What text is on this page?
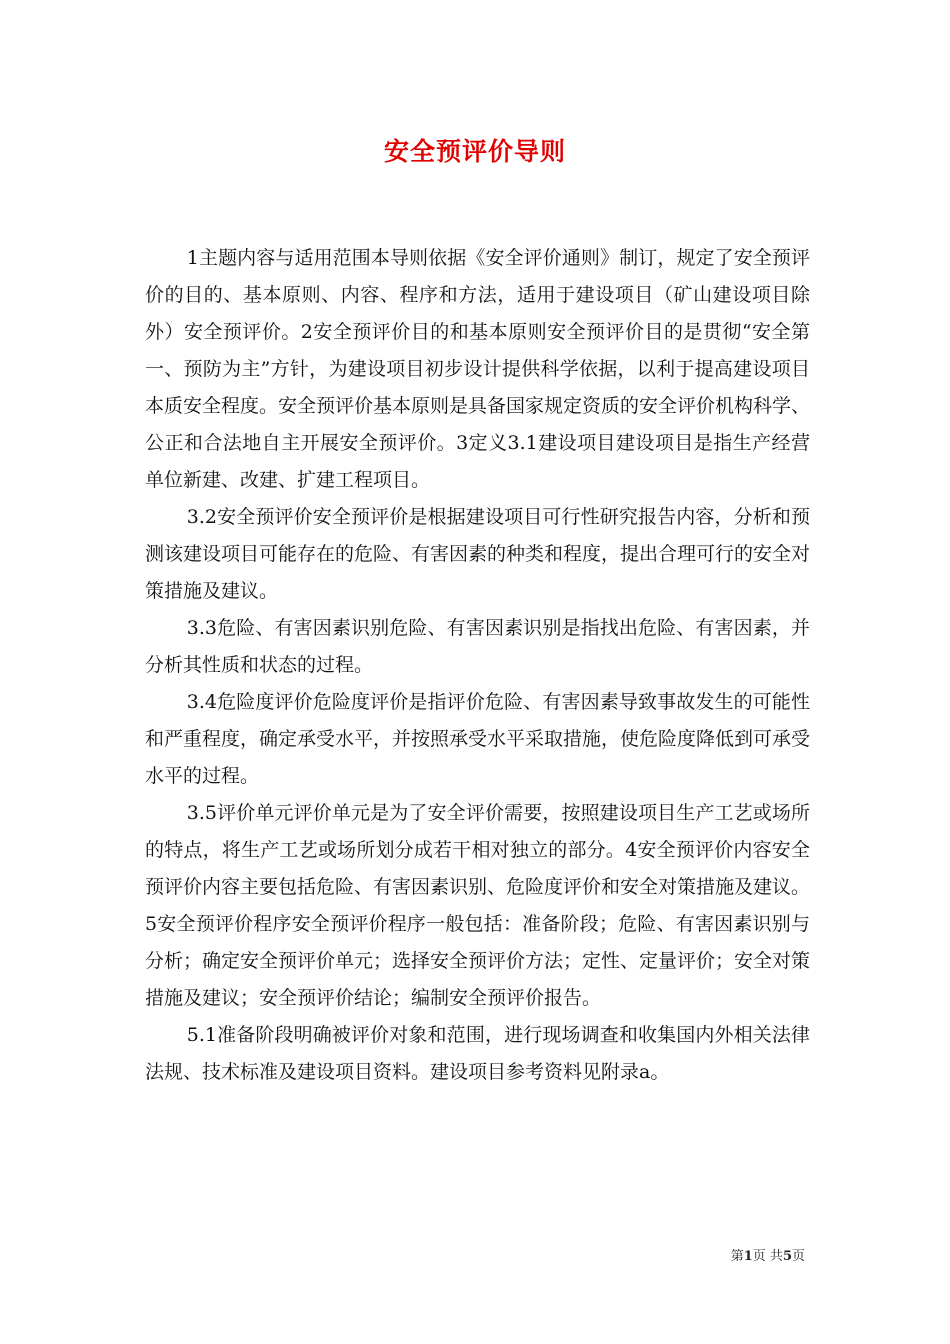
安全预评价导则

1主题内容与适用范围本导则依据《安全评价通则》制订，规定了安全预评价的目的、基本原则、内容、程序和方法，适用于建设项目（矿山建设项目除外）安全预评价。2安全预评价目的和基本原则安全预评价目的是贯彻“安全第一、预防为主”方针，为建设项目初步设计提供科学依据，以利于提高建设项目本质安全程度。安全预评价基本原则是具备国家规定资质的安全评价机构科学、公正和合法地自主开展安全预评价。3定义3.1建设项目建设项目是指生产经营单位新建、改建、扩建工程项目。

3.2安全预评价安全预评价是根据建设项目可行性研究报告内容，分析和预测该建设项目可能存在的危险、有害因素的种类和程度，提出合理可行的安全对策措施及建议。

3.3危险、有害因素识别危险、有害因素识别是指找出危险、有害因素，并分析其性质和状态的过程。

3.4危险度评价危险度评价是指评价危险、有害因素导致事故发生的可能性和严重程度，确定承受水平，并按照承受水平采取措施，使危险度降低到可承受水平的过程。

3.5评价单元评价单元是为了安全评价需要，按照建设项目生产工艺或场所的特点，将生产工艺或场所划分成若干相对独立的部分。4安全预评价内容安全预评价内容主要包括危险、有害因素识别、危险度评价和安全对策措施及建议。5安全预评价程序安全预评价程序一般包括：准备阶段；危险、有害因素识别与分析；确定安全预评价单元；选择安全预评价方法；定性、定量评价；安全对策措施及建议；安全预评价结论；编制安全预评价报告。

5.1准备阶段明确被评价对象和范围，进行现场调查和收集国内外相关法律法规、技术标准及建设项目资料。建设项目参考资料见附录a。

第1页 共5页
